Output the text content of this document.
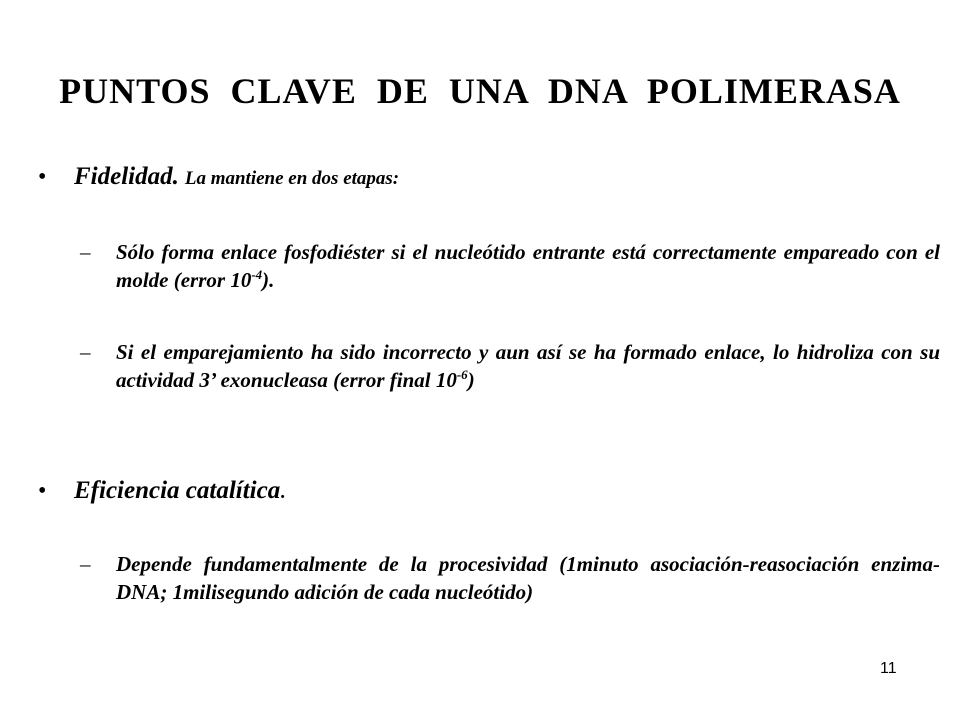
PUNTOS CLAVE DE UNA DNA POLIMERASA
• Fidelidad. La mantiene en dos etapas:
–	Sólo forma enlace fosfodiéster si el nucleótido entrante está correctamente empareado con el molde (error $10^{-4}$).
–	Si el emparejamiento ha sido incorrecto y aun así se ha formado enlace, lo hidroliza con su actividad 3’ exonucleasa (error final $10^{-6}$)
• Eficiencia catalítica.
–	Depende fundamentalmente de la procesividad (1minuto asociación-reasociación enzima-DNA; 1milisegundo adición de cada nucleótido)
11
